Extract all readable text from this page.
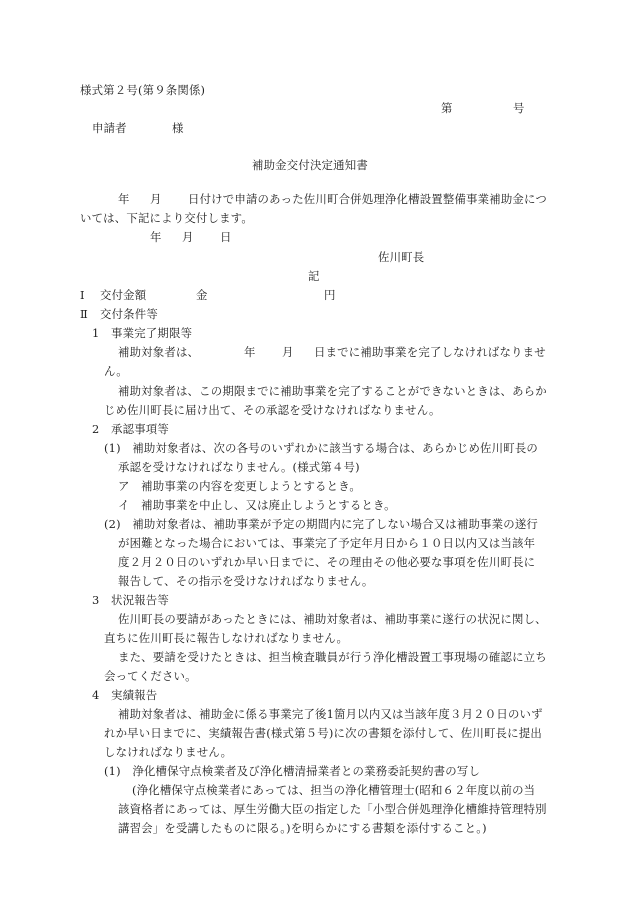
様式第２号(第９条関係)
第	号
申請者	様
補助金交付決定通知書
年 月 日付けで申請のあった佐川町合併処理浄化槽設置整備事業補助金につ
いては、下記により交付します。
年 月 日
佐川町長
記
Ⅰ 交付金額	金	円
Ⅱ 交付条件等
1　事業完了期限等
補助対象者は、	年 月 日までに補助事業を完了しなければなりませ
ん。
補助対象者は、この期限までに補助事業を完了することができないときは、あらか
じめ佐川町長に届け出て、その承認を受けなければなりません。
2　承認事項等
(1)　補助対象者は、次の各号のいずれかに該当する場合は、あらかじめ佐川町長の
承認を受けなければなりません。(様式第４号)
ア　補助事業の内容を変更しようとするとき。
イ　補助事業を中止し、又は廃止しようとするとき。
(2)　補助対象者は、補助事業が予定の期間内に完了しない場合又は補助事業の遂行
が困難となった場合においては、事業完了予定年月日から１０日以内又は当該年
度２月２０日のいずれか早い日までに、その理由その他必要な事項を佐川町長に
報告して、その指示を受けなければなりません。
3　状況報告等
佐川町長の要請があったときには、補助対象者は、補助事業に遂行の状況に関し、
直ちに佐川町長に報告しなければなりません。
また、要請を受けたときは、担当検査職員が行う浄化槽設置工事現場の確認に立ち
会ってください。
4　実績報告
補助対象者は、補助金に係る事業完了後1箇月以内又は当該年度３月２０日のいず
れか早い日までに、実績報告書(様式第５号)に次の書類を添付して、佐川町長に提出
しなければなりません。
(1)　浄化槽保守点検業者及び浄化槽清掃業者との業務委託契約書の写し
(浄化槽保守点検業者にあっては、担当の浄化槽管理士(昭和６２年度以前の当
該資格者にあっては、厚生労働大臣の指定した「小型合併処理浄化槽維持管理特別
講習会」を受講したものに限る。)を明らかにする書類を添付すること。)
